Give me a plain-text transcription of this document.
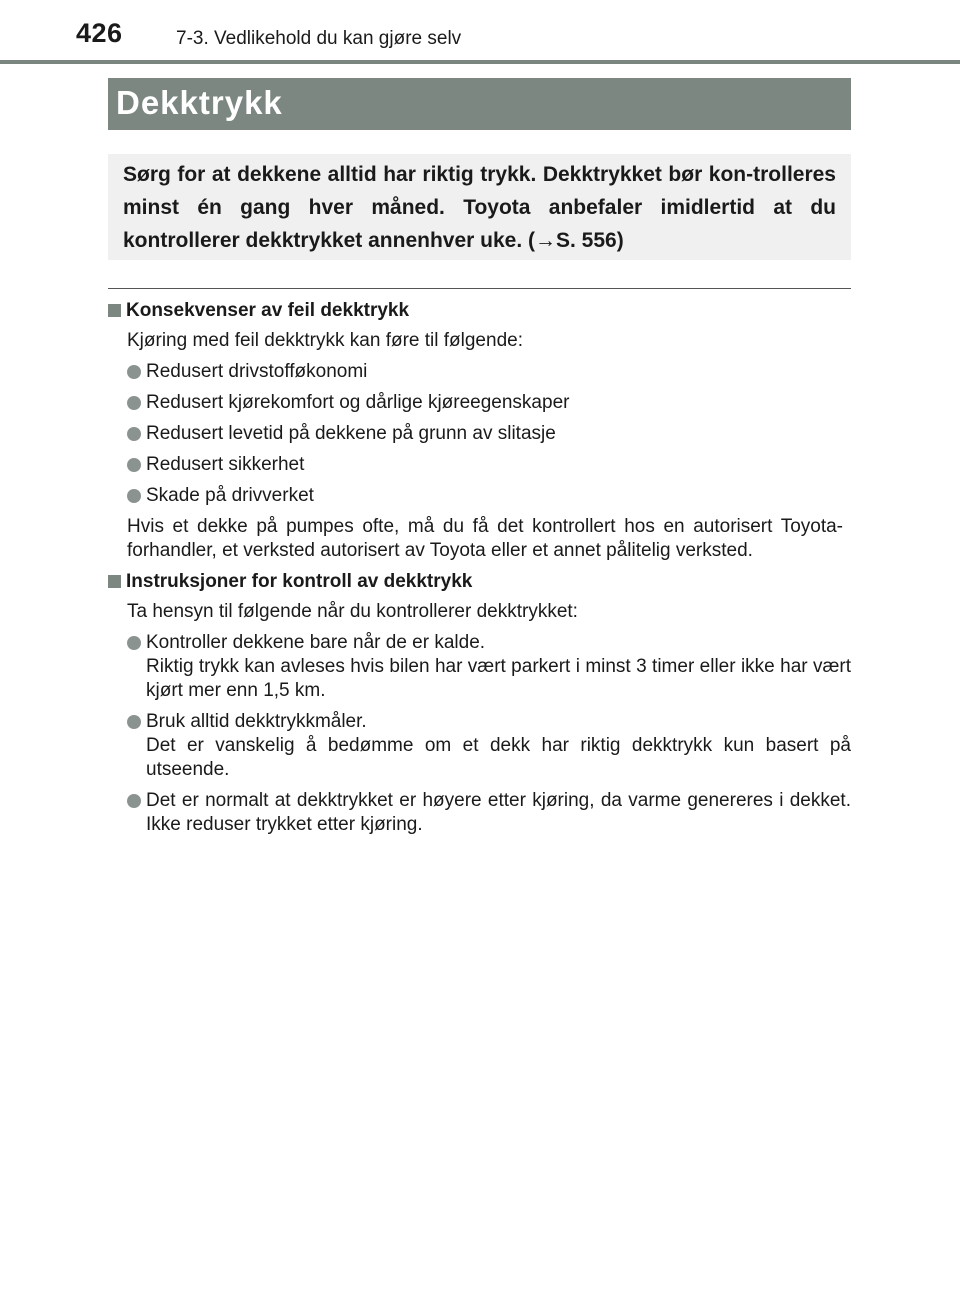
426	7-3. Vedlikehold du kan gjøre selv
Dekktrykk
Sørg for at dekkene alltid har riktig trykk. Dekktrykket bør kon-trolleres minst én gang hver måned. Toyota anbefaler imidlertid at du kontrollerer dekktrykket annenhver uke. (→S. 556)
Konsekvenser av feil dekktrykk
Kjøring med feil dekktrykk kan føre til følgende:
Redusert drivstofføkonomi
Redusert kjørekomfort og dårlige kjøreegenskaper
Redusert levetid på dekkene på grunn av slitasje
Redusert sikkerhet
Skade på drivverket
Hvis et dekke på pumpes ofte, må du få det kontrollert hos en autorisert Toyota-forhandler, et verksted autorisert av Toyota eller et annet pålitelig verksted.
Instruksjoner for kontroll av dekktrykk
Ta hensyn til følgende når du kontrollerer dekktrykket:
Kontroller dekkene bare når de er kalde.
Riktig trykk kan avleses hvis bilen har vært parkert i minst 3 timer eller ikke har vært kjørt mer enn 1,5 km.
Bruk alltid dekktrykkmåler.
Det er vanskelig å bedømme om et dekk har riktig dekktrykk kun basert på utseende.
Det er normalt at dekktrykket er høyere etter kjøring, da varme genereres i dekket. Ikke reduser trykket etter kjøring.
